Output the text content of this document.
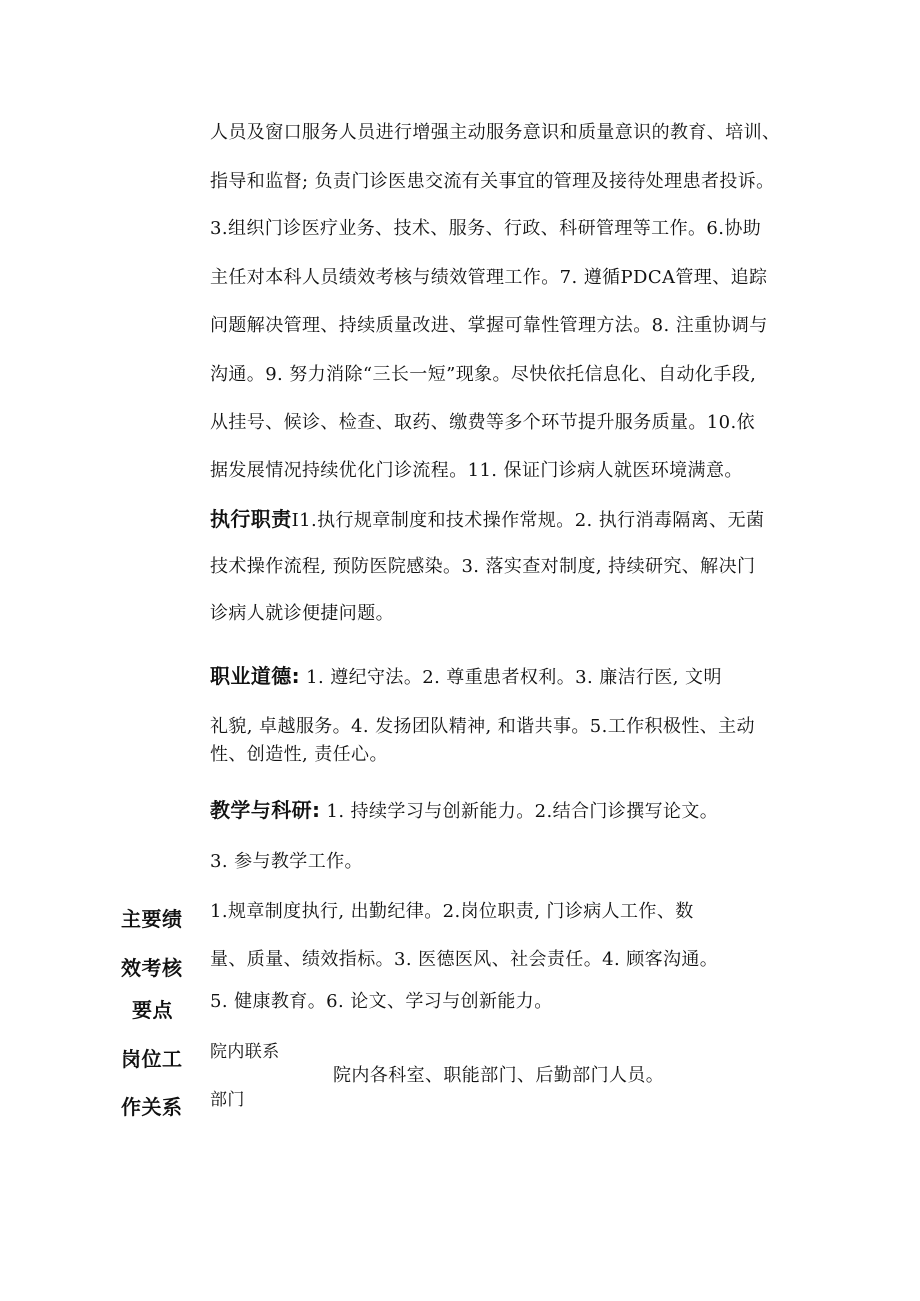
人员及窗口服务人员进行增强主动服务意识和质量意识的教育、培训、
指导和监督; 负责门诊医患交流有关事宜的管理及接待处理患者投诉。
3.组织门诊医疗业务、技术、服务、行政、科研管理等工作。6.协助
主任对本科人员绩效考核与绩效管理工作。7. 遵循PDCA管理、追踪
问题解决管理、持续质量改进、掌握可靠性管理方法。8. 注重协调与
沟通。9. 努力消除“三长一短”现象。尽快依托信息化、自动化手段,
从挂号、候诊、检查、取药、缴费等多个环节提升服务质量。10.依
据发展情况持续优化门诊流程。11. 保证门诊病人就医环境满意。
执行职责I1.执行规章制度和技术操作常规。2. 执行消毒隔离、无菌
技术操作流程, 预防医院感染。3. 落实查对制度, 持续研究、解决门
诊病人就诊便捷问题。
职业道德: 1. 遵纪守法。2. 尊重患者权利。3. 廉洁行医, 文明
礼貌, 卓越服务。4. 发扬团队精神, 和谐共事。5.工作积极性、主动
性、创造性, 责任心。
教学与科研: 1. 持续学习与创新能力。2.结合门诊撰写论文。
3. 参与教学工作。
主要绩
效考核
要点
1.规章制度执行, 出勤纪律。2.岗位职责, 门诊病人工作、数
量、质量、绩效指标。3. 医德医风、社会责任。4. 顾客沟通。
5. 健康教育。6. 论文、学习与创新能力。
岗位工
作关系
院内联系
部门
院内各科室、职能部门、后勤部门人员。
